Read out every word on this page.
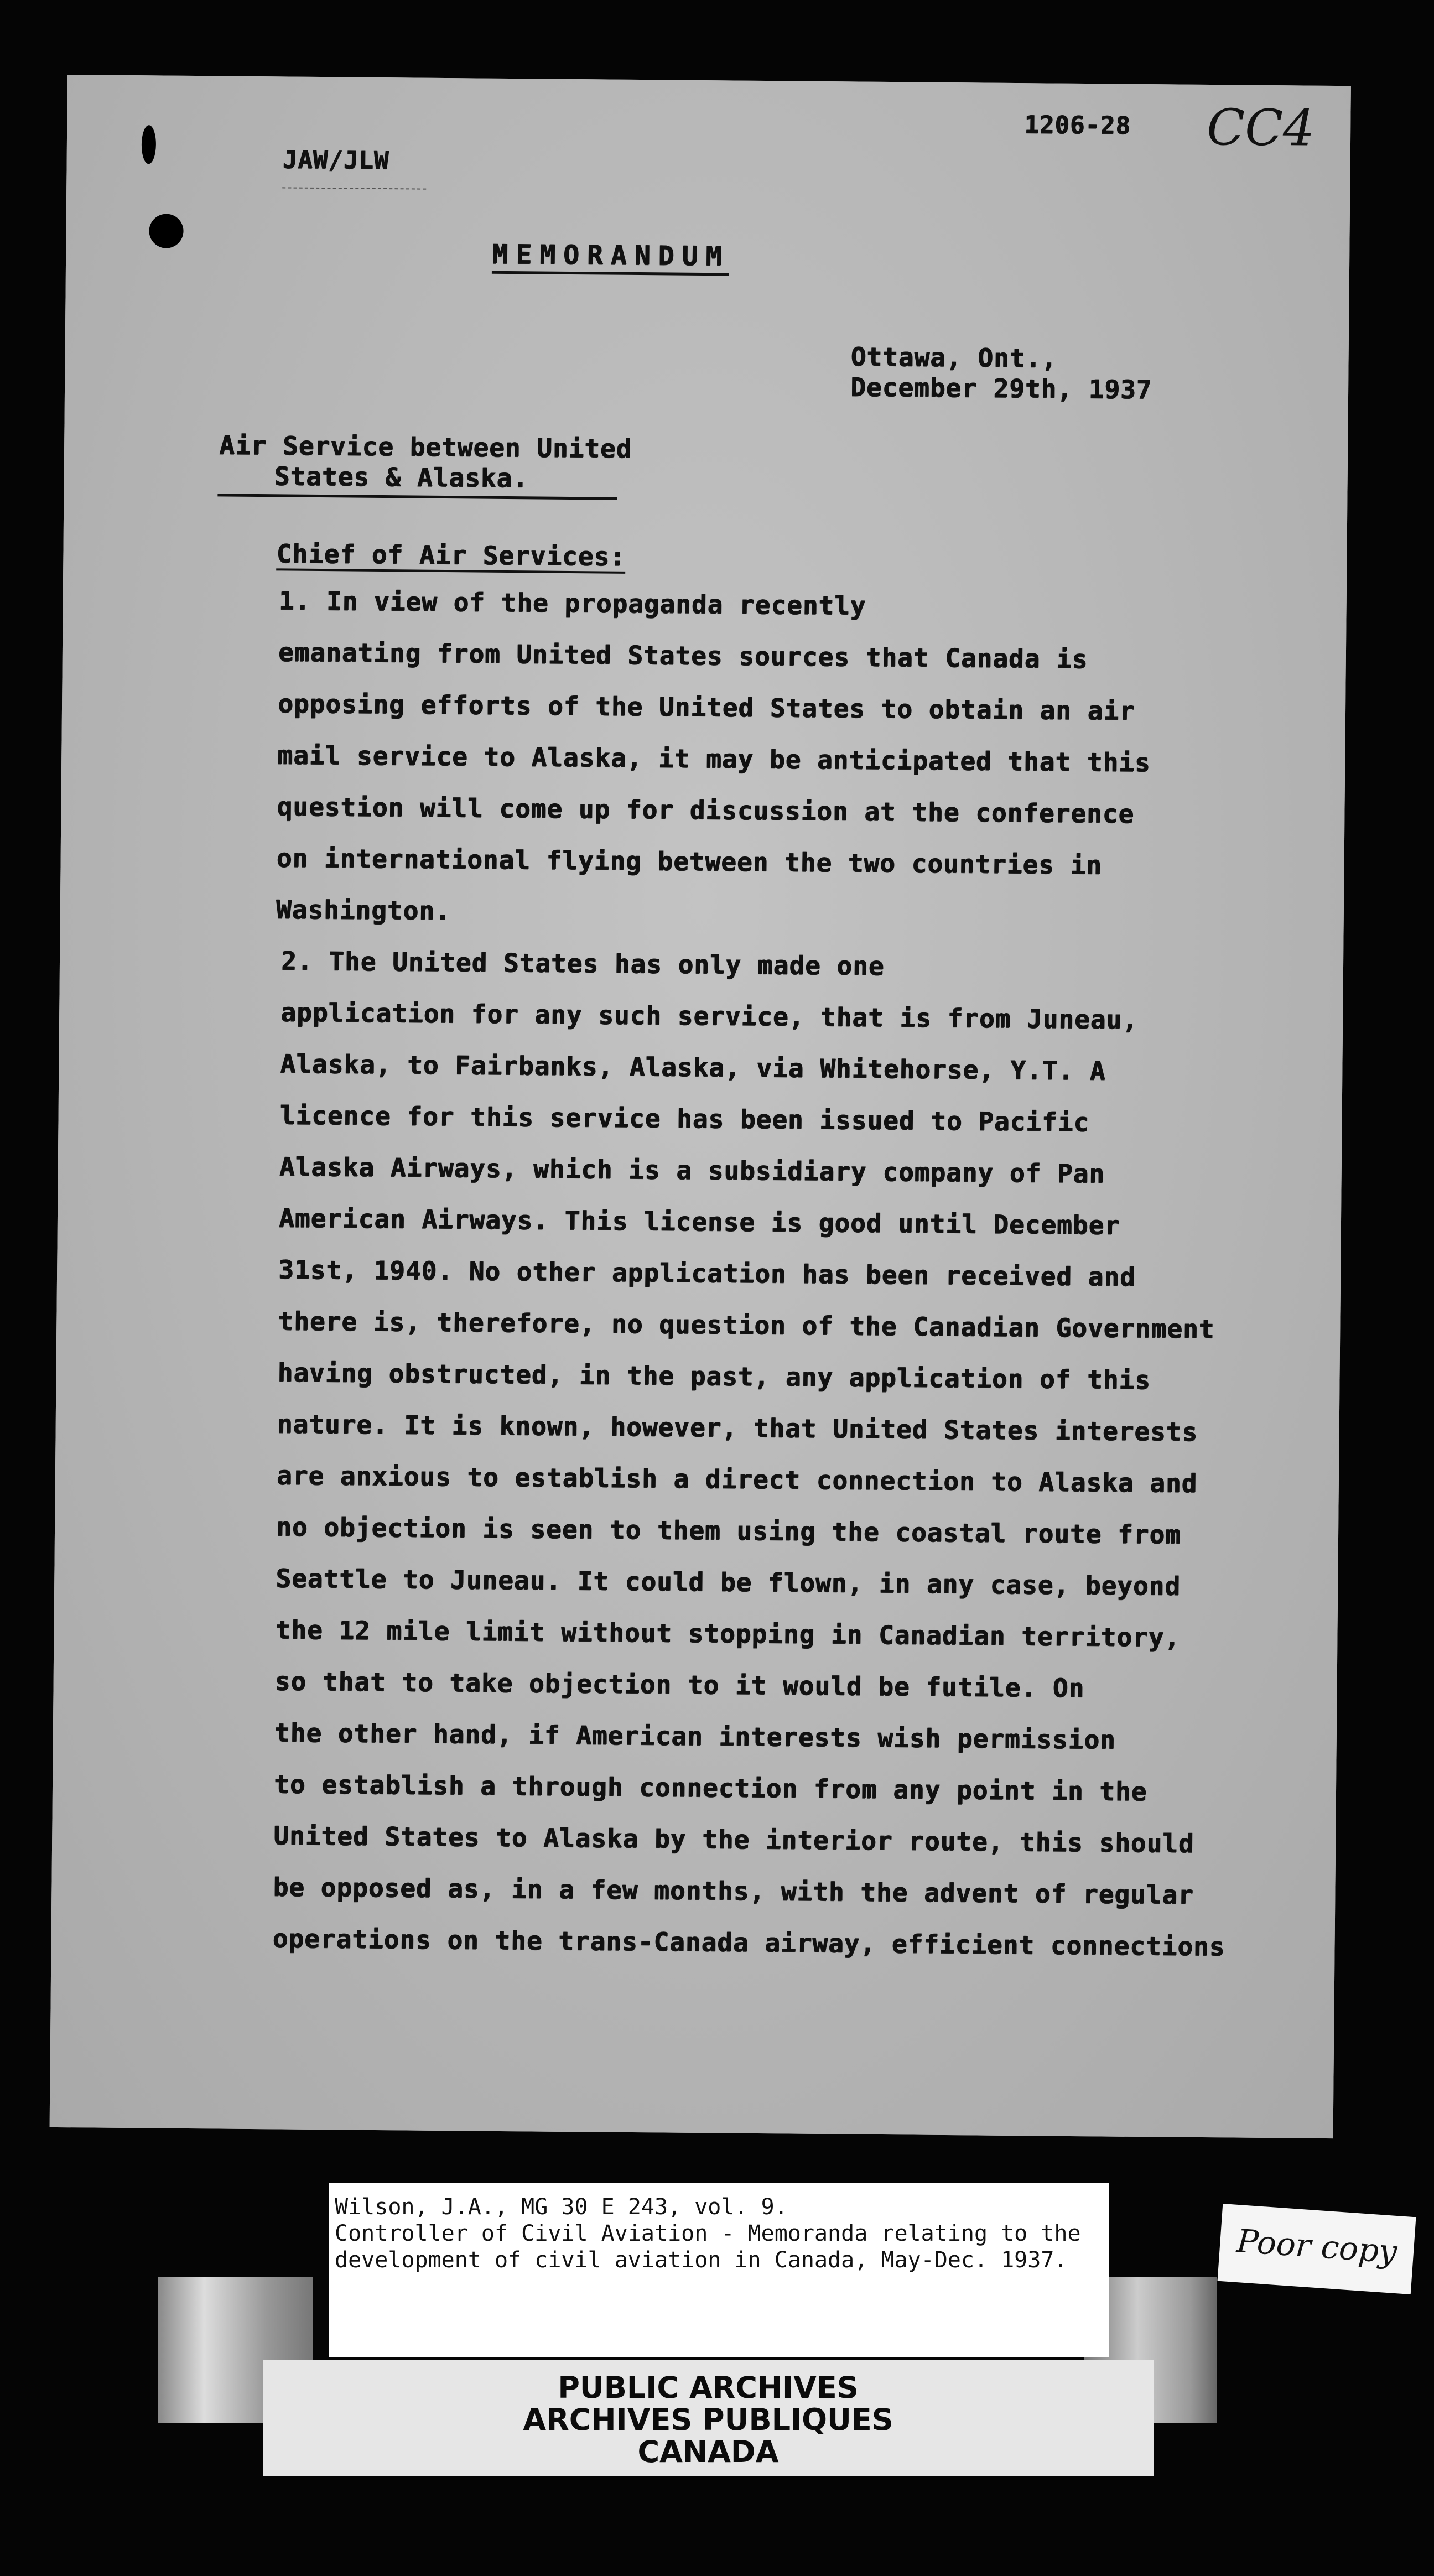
1206-28 CC4
JAW/JLW
MEMORANDUM
Ottawa, Ont.,
December 29th, 1937
Air Service between United
States & Alaska.
Chief of Air Services:
1. In view of the propaganda recently
emanating from United States sources that Canada is
opposing efforts of the United States to obtain an air
mail service to Alaska, it may be anticipated that this
question will come up for discussion at the conference
on international flying between the two countries in
Washington.
2. The United States has only made one
application for any such service, that is from Juneau,
Alaska, to Fairbanks, Alaska, via Whitehorse, Y.T. A
licence for this service has been issued to Pacific
Alaska Airways, which is a subsidiary company of Pan
American Airways. This license is good until December
31st, 1940. No other application has been received and
there is, therefore, no question of the Canadian Government
having obstructed, in the past, any application of this
nature. It is known, however, that United States interests
are anxious to establish a direct connection to Alaska and
no objection is seen to them using the coastal route from
Seattle to Juneau. It could be flown, in any case, beyond
the 12 mile limit without stopping in Canadian territory,
so that to take objection to it would be futile. On
the other hand, if American interests wish permission
to establish a through connection from any point in the
United States to Alaska by the interior route, this should
be opposed as, in a few months, with the advent of regular
operations on the trans-Canada airway, efficient connections
Wilson, J.A., MG 30 E 243, vol. 9.
Controller of Civil Aviation - Memoranda relating to the
development of civil aviation in Canada, May-Dec. 1937.
PUBLIC ARCHIVES
ARCHIVES PUBLIQUES
CANADA
Poor copy
